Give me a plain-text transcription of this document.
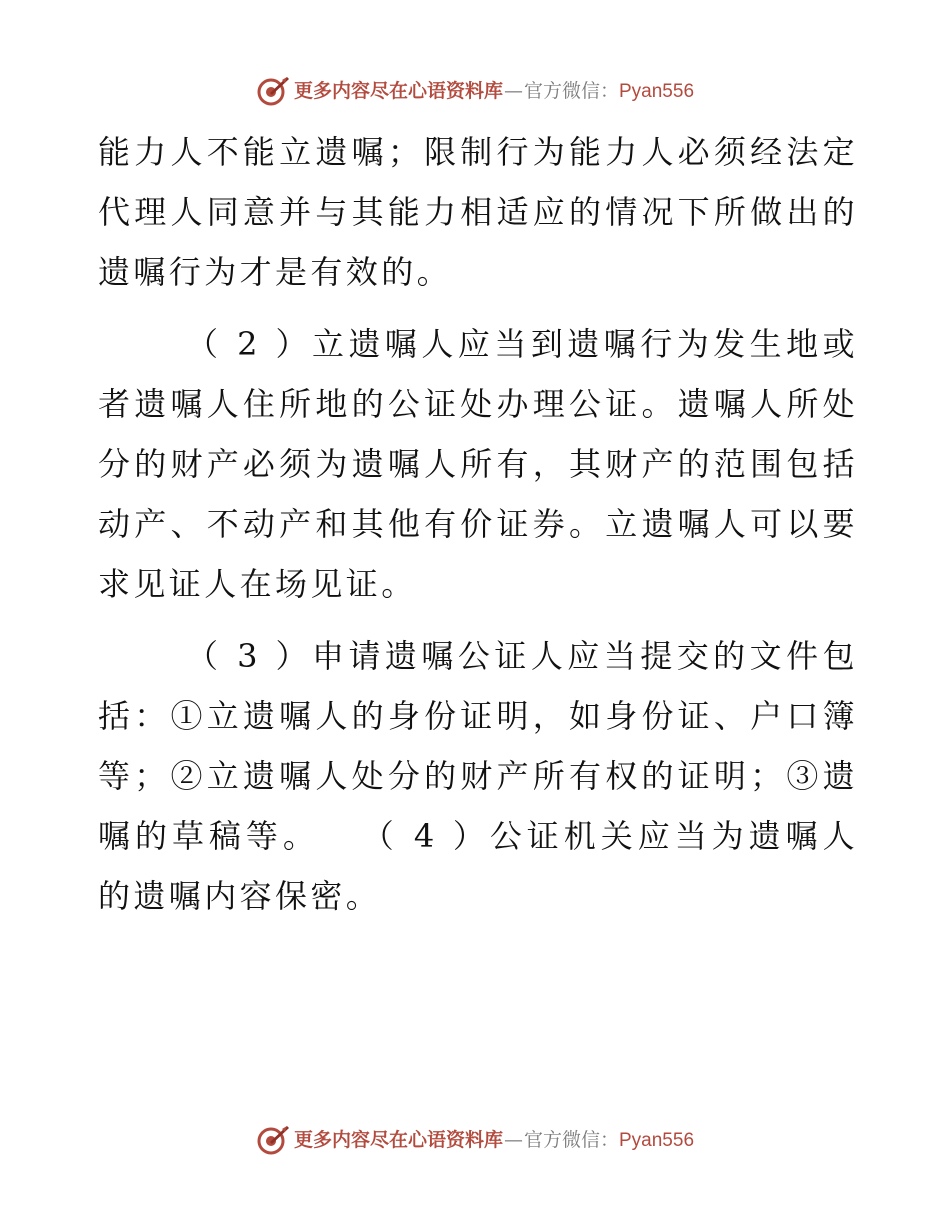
更多内容尽在心语资料库 — 官方微信： Pyan556

能力人不能立遗嘱；限制行为能力人必须经法定代理人同意并与其能力相适应的情况下所做出的遗嘱行为才是有效的。

（ 2 ）立遗嘱人应当到遗嘱行为发生地或者遗嘱人住所地的公证处办理公证。遗嘱人所处分的财产必须为遗嘱人所有，其财产的范围包括动产、不动产和其他有价证券。立遗嘱人可以要求见证人在场见证。

（ 3 ）申请遗嘱公证人应当提交的文件包括：①立遗嘱人的身份证明，如身份证、户口簿等；②立遗嘱人处分的财产所有权的证明；③遗嘱的草稿等。　　（ 4 ）公证机关应当为遗嘱人的遗嘱内容保密。

更多内容尽在心语资料库 — 官方微信： Pyan556
